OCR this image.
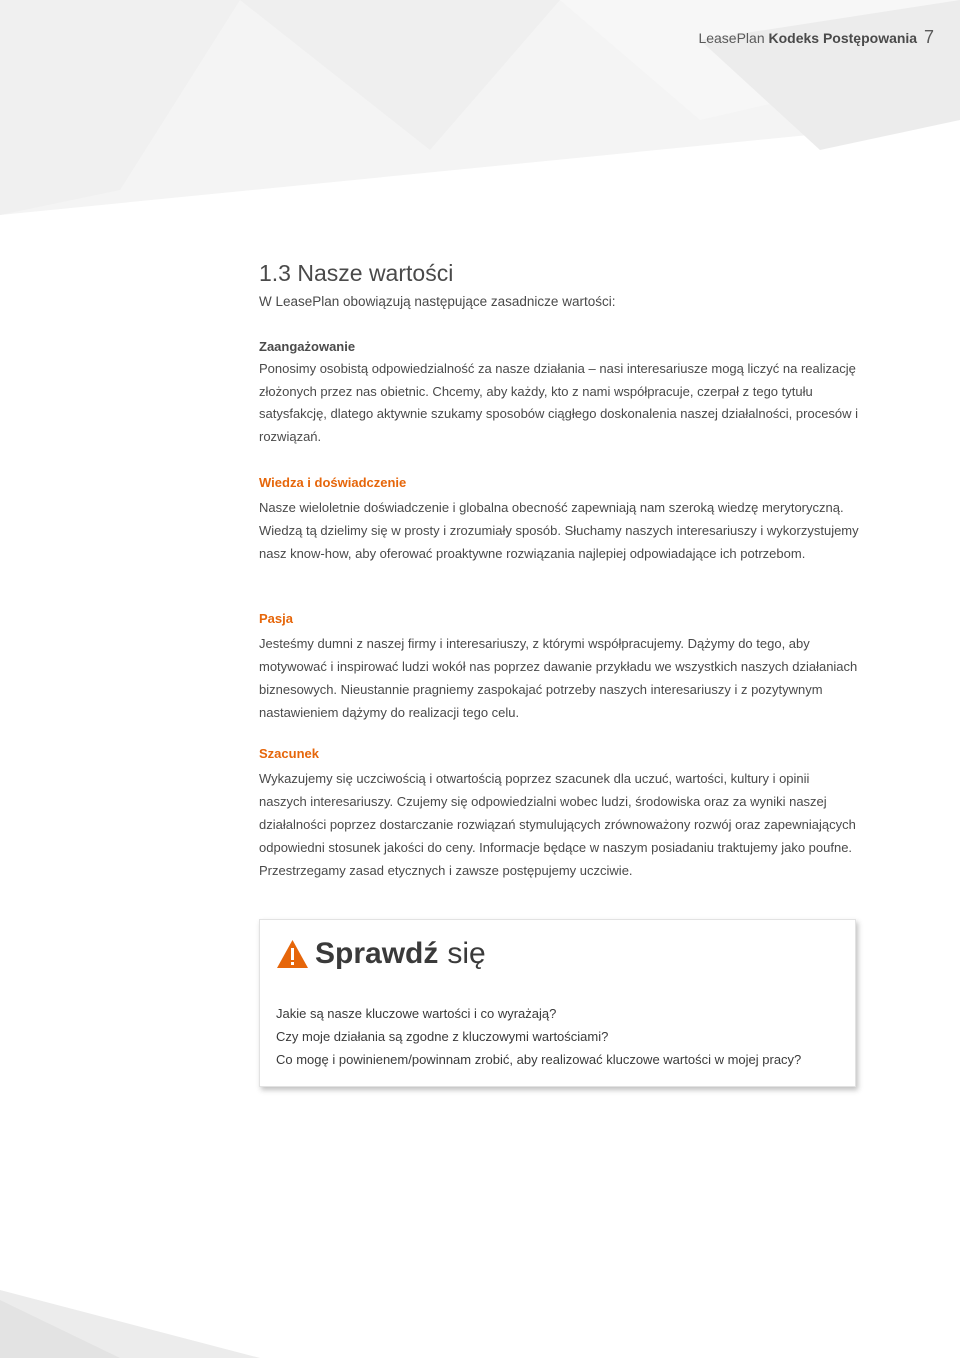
LeasePlan Kodeks Postępowania 7
1.3 Nasze wartości

W LeasePlan obowiązują następujące zasadnicze wartości:

Zaangażowanie

Ponosimy osobistą odpowiedzialność za nasze działania – nasi interesariusze mogą liczyć na realizację złożonych przez nas obietnic. Chcemy, aby każdy, kto z nami współpracuje, czerpał z tego tytułu satysfakcję, dlatego aktywnie szukamy sposobów ciągłego doskonalenia naszej działalności, procesów i rozwiązań.

Wiedza i doświadczenie

Nasze wieloletnie doświadczenie i globalna obecność zapewniają nam szeroką wiedzę merytoryczną. Wiedzą tą dzielimy się w prosty i zrozumiały sposób. Słuchamy naszych interesariuszy i wykorzystujemy nasz know-how, aby oferować proaktywne rozwiązania najlepiej odpowiadające ich potrzebom.

Pasja

Jesteśmy dumni z naszej firmy i interesariuszy, z którymi współpracujemy. Dążymy do tego, aby motywować i inspirować ludzi wokół nas poprzez dawanie przykładu we wszystkich naszych działaniach biznesowych. Nieustannie pragniemy zaspokajać potrzeby naszych interesariuszy i z pozytywnym nastawieniem dążymy do realizacji tego celu.

Szacunek

Wykazujemy się uczciwością i otwartością poprzez szacunek dla uczuć, wartości, kultury i opinii naszych interesariuszy. Czujemy się odpowiedzialni wobec ludzi, środowiska oraz za wyniki naszej działalności poprzez dostarczanie rozwiązań stymulujących zrównoważony rozwój oraz zapewniających odpowiedni stosunek jakości do ceny. Informacje będące w naszym posiadaniu traktujemy jako poufne. Przestrzegamy zasad etycznych i zawsze postępujemy uczciwie.

Sprawdź się
Jakie są nasze kluczowe wartości i co wyrażają?
Czy moje działania są zgodne z kluczowymi wartościami?
Co mogę i powinienem/powinnam zrobić, aby realizować kluczowe wartości w mojej pracy?
